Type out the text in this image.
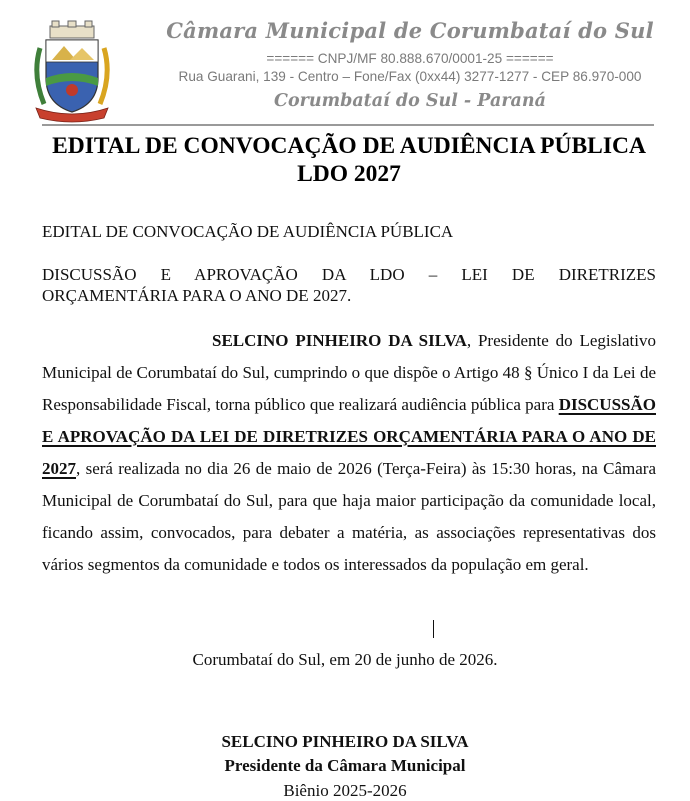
Câmara Municipal de Corumbataí do Sul
====== CNPJ/MF 80.888.670/0001-25 ======
Rua Guarani, 139 - Centro – Fone/Fax (0xx44) 3277-1277 - CEP 86.970-000
Corumbataí do Sul - Paraná
EDITAL DE CONVOCAÇÃO DE AUDIÊNCIA PÚBLICA LDO 2027
EDITAL DE CONVOCAÇÃO DE AUDIÊNCIA PÚBLICA
DISCUSSÃO E APROVAÇÃO DA LDO – LEI DE DIRETRIZES
ORÇAMENTÁRIA PARA O ANO DE 2027.
SELCINO PINHEIRO DA SILVA, Presidente do Legislativo Municipal de Corumbataí do Sul, cumprindo o que dispõe o Artigo 48 § Único I da Lei de Responsabilidade Fiscal, torna público que realizará audiência pública para DISCUSSÃO E APROVAÇÃO DA LEI DE DIRETRIZES ORÇAMENTÁRIA PARA O ANO DE 2027, será realizada no dia 26 de maio de 2026 (Terça-Feira) às 15:30 horas, na Câmara Municipal de Corumbataí do Sul, para que haja maior participação da comunidade local, ficando assim, convocados, para debater a matéria, as associações representativas dos vários segmentos da comunidade e todos os interessados da população em geral.
Corumbataí do Sul, em 20 de junho de 2026.
SELCINO PINHEIRO DA SILVA
Presidente da Câmara Municipal
Biênio 2025-2026
